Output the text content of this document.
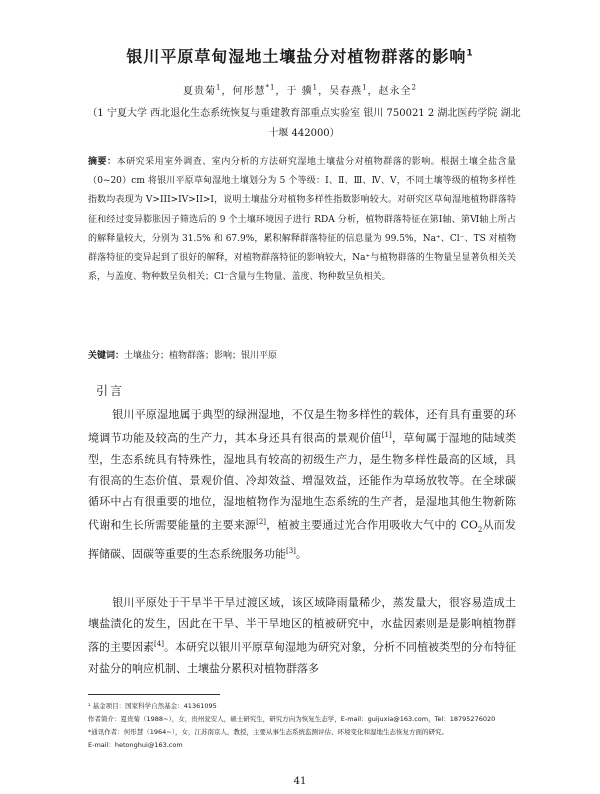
银川平原草甸湿地土壤盐分对植物群落的影响$^1$
夏贵菊$^1$，何彤慧$^{*1}$，于 骥$^1$，吴春燕$^1$，赵永全$^2$
（1 宁夏大学 西北退化生态系统恢复与重建教育部重点实验室 银川 750021 2 湖北医药学院 湖北十堰 442000）
摘要：本研究采用室外调查、室内分析的方法研究湿地土壤盐分对植物群落的影响。根据土壤全盐含量（0~20）cm 将银川平原草甸湿地土壤划分为 5 个等级：Ⅰ、Ⅱ、Ⅲ、Ⅳ、Ⅴ，不同土壤等级的植物多样性指数均表现为 V>III>IV>II>I，说明土壤盐分对植物多样性指数影响较大。对研究区草甸湿地植物群落特征和经过变异膨胀因子筛选后的 9 个土壤环境因子进行 RDA 分析，植物群落特征在第Ⅰ轴、第Ⅵ轴上所占的解释量较大，分别为 31.5% 和 67.9%，累积解释群落特征的信息量为 99.5%，Na⁺、Cl⁻、TS 对植物群落特征的变异起到了很好的解释，对植物群落特征的影响较大，Na⁺与植物群落的生物量呈显著负相关关系，与盖度、物种数呈负相关；Cl⁻含量与生物量、盖度、物种数呈负相关。
关键词：土壤盐分；植物群落；影响；银川平原
引言
银川平原湿地属于典型的绿洲湿地，不仅是生物多样性的载体，还有具有重要的环境调节功能及较高的生产力，其本身还具有很高的景观价值[1]，草甸属于湿地的陆域类型，生态系统具有特殊性，湿地具有较高的初级生产力，是生物多样性最高的区域，具有很高的生态价值、景观价值、冷却效益、增湿效益，还能作为草场放牧等。在全球碳循环中占有很重要的地位，湿地植物作为湿地生态系统的生产者，是湿地其他生物新陈代谢和生长所需要能量的主要来源[2]，植被主要通过光合作用吸收大气中的 $CO_2$从而发挥储碳、固碳等重要的生态系统服务功能[3]。
银川平原处于干旱半干旱过渡区域，该区域降雨量稀少，蒸发量大，很容易造成土壤盐渍化的发生，因此在干旱、半干旱地区的植被研究中，水盐因素则是是影响植物群落的主要因素[4]。本研究以银川平原草甸湿地为研究对象，分析不同植被类型的分布特征对盐分的响应机制、土壤盐分累积对植物群落多
¹ 基金项目：国家科学自然基金：41361095
作者简介：夏贵菊（1988~），女，贵州瓮安人，硕士研究生，研究方向为恢复生态学，E-mail：guijuxia@163.com，Tel：18795276020
*通讯作者：何彤慧（1964~），女，江苏南京人，教授，主要从事生态系统监测评估、环境变化和湿地生态恢复方面的研究。
E-mail：hetonghui@163.com
41
